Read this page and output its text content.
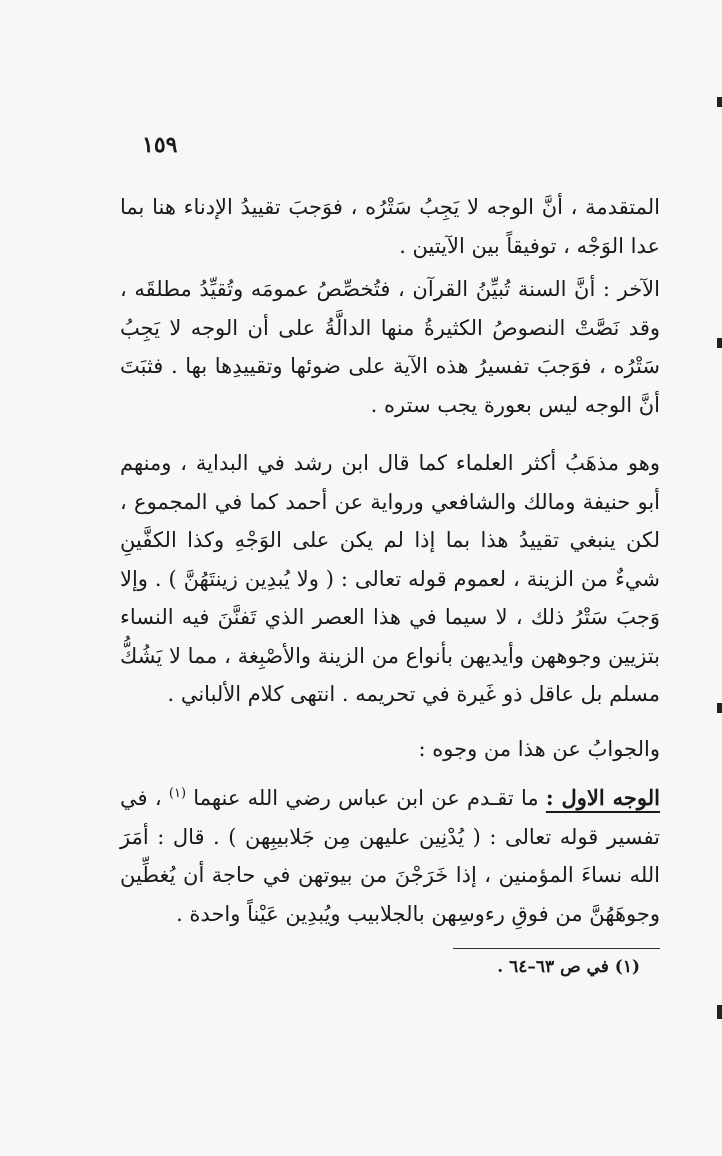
١٥٩

المتقدمة ، أنَّ الوجه لا يَجِبُ سَتْرُه ، فوَجبَ تقييدُ الإدناء هنا بما عدا الوَجْه ، توفيقاً بين الآيتين .

الآخر : أنَّ السنة تُبيِّنُ القرآن ، فتُخصِّصُ عمومَه وتُقيِّدُ مطلقَه ، وقد نَصَّتْ النصوصُ الكثيرةُ منها الدالَّةُ على أن الوجه لا يَجِبُ سَتْرُه ، فوَجبَ تفسيرُ هذه الآية على ضوئها وتقييدِها بها . فثبَتَ أنَّ الوجه ليس بعورة يجب ستره .

وهو مذهَبُ أكثر العلماء كما قال ابن رشد في البداية ، ومنهم أبو حنيفة ومالك والشافعي ورواية عن أحمد كما في المجموع ، لكن ينبغي تقييدُ هذا بما إذا لم يكن على الوَجْهِ وكذا الكفَّينِ شيءٌ من الزينة ، لعموم قوله تعالى : ( ولا يُبدِين زينتَهُنَّ ) . وإلا وَجبَ سَتْرُ ذلك ، لا سيما في هذا العصر الذي تَفنَّنَ فيه النساء بتزيين وجوههن وأيديهن بأنواع من الزينة والأصْبِغة ، مما لا يَشُكُّ مسلم بل عاقل ذو غَيرة في تحريمه . انتهى كلام الألباني .

والجوابُ عن هذا من وجوه :

الوجه الاول : ما تقـدم عن ابن عباس رضي الله عنهما $^{(١)}$ ، في تفسير قوله تعالى : ( يُدْنِين عليهن مِن جَلابيبِهن ) . قال : أمَرَ الله نساءَ المؤمنين ، إذا خَرَجْنَ من بيوتهن في حاجة أن يُغطِّين وجوهَهُنَّ من فوقِ رءوسِهن بالجلابيب ويُبدِين عَيْناً واحدة .

(١) في ص ٦٣–٦٤ .
